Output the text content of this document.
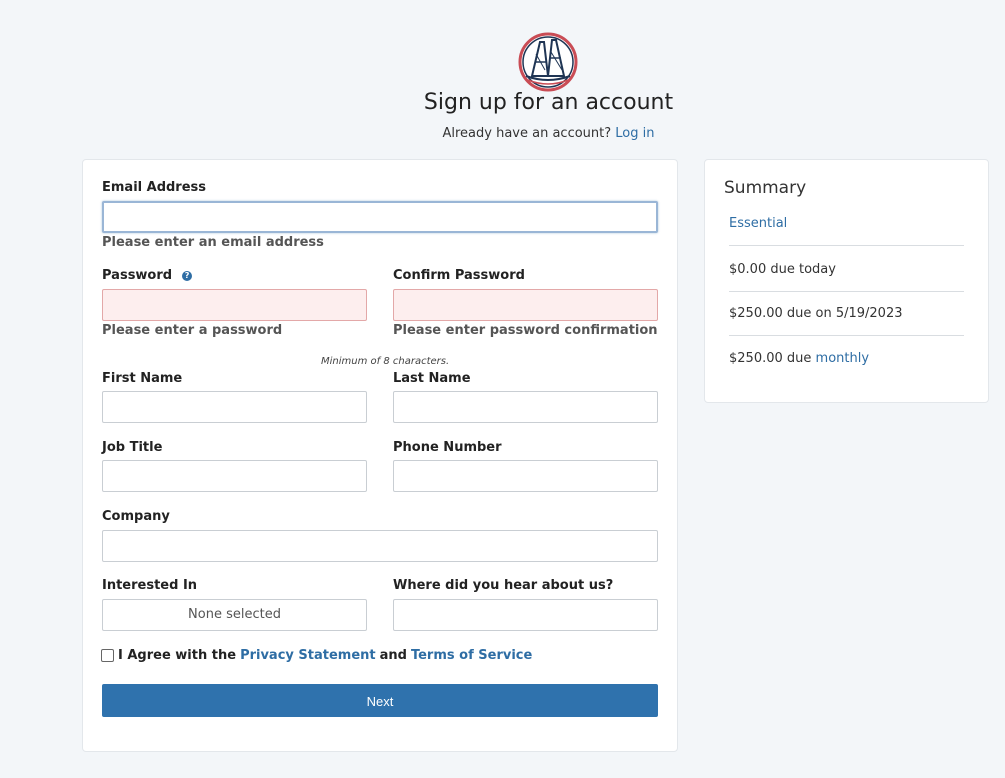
Sign up for an account
Already have an account? Log in
Email Address
Please enter an email address
Password ?
Please enter a password
Confirm Password
Please enter password confirmation
Minimum of 8 characters.
First Name	Last Name
Job Title	Phone Number
Company
Interested In
None selected
Where did you hear about us?
I Agree with the Privacy Statement and Terms of Service
Next
Summary
Essential
$0.00 due today
$250.00 due on 5/19/2023
$250.00 due monthly
